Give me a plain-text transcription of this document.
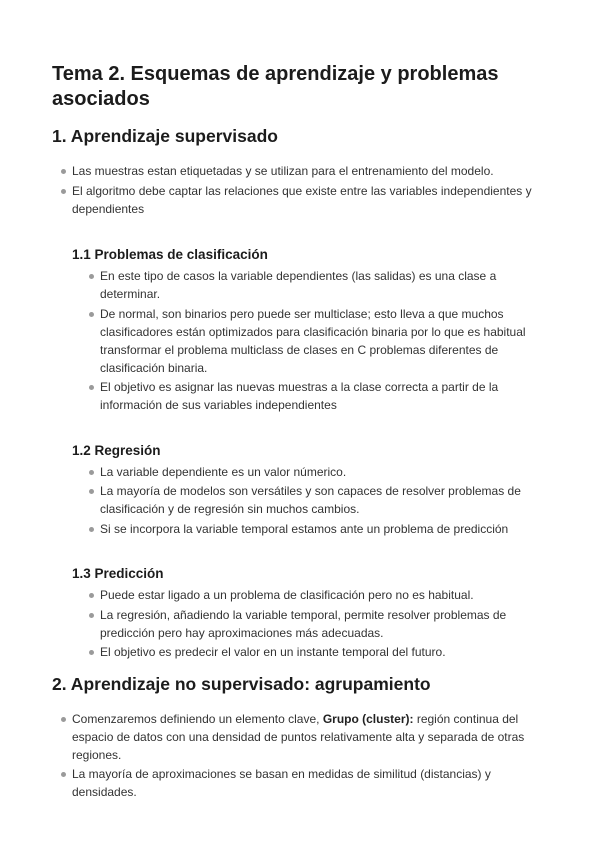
Tema 2. Esquemas de aprendizaje y problemas asociados
1. Aprendizaje supervisado
Las muestras estan etiquetadas y se utilizan para el entrenamiento del modelo.
El algoritmo debe captar las relaciones que existe entre las variables independientes y dependientes
1.1 Problemas de clasificación
En este tipo de casos la variable dependientes (las salidas) es una clase a determinar.
De normal, son binarios pero puede ser multiclase; esto lleva a que muchos clasificadores están optimizados para clasificación binaria por lo que es habitual transformar el problema multiclass de clases en C problemas diferentes de clasificación binaria.
El objetivo es asignar las nuevas muestras a la clase correcta a partir de la información de sus variables independientes
1.2 Regresión
La variable dependiente es un valor númerico.
La mayoría de modelos son versátiles y son capaces de resolver problemas de clasificación y de regresión sin muchos cambios.
Si se incorpora la variable temporal estamos ante un problema de predicción
1.3 Predicción
Puede estar ligado a un problema de clasificación pero no es habitual.
La regresión, añadiendo la variable temporal, permite resolver problemas de predicción pero hay aproximaciones más adecuadas.
El objetivo es predecir el valor en un instante temporal del futuro.
2. Aprendizaje no supervisado: agrupamiento
Comenzaremos definiendo un elemento clave, Grupo (cluster): región continua del espacio de datos con una densidad de puntos relativamente alta y separada de otras regiones.
La mayoría de aproximaciones se basan en medidas de similitud (distancias) y densidades.
